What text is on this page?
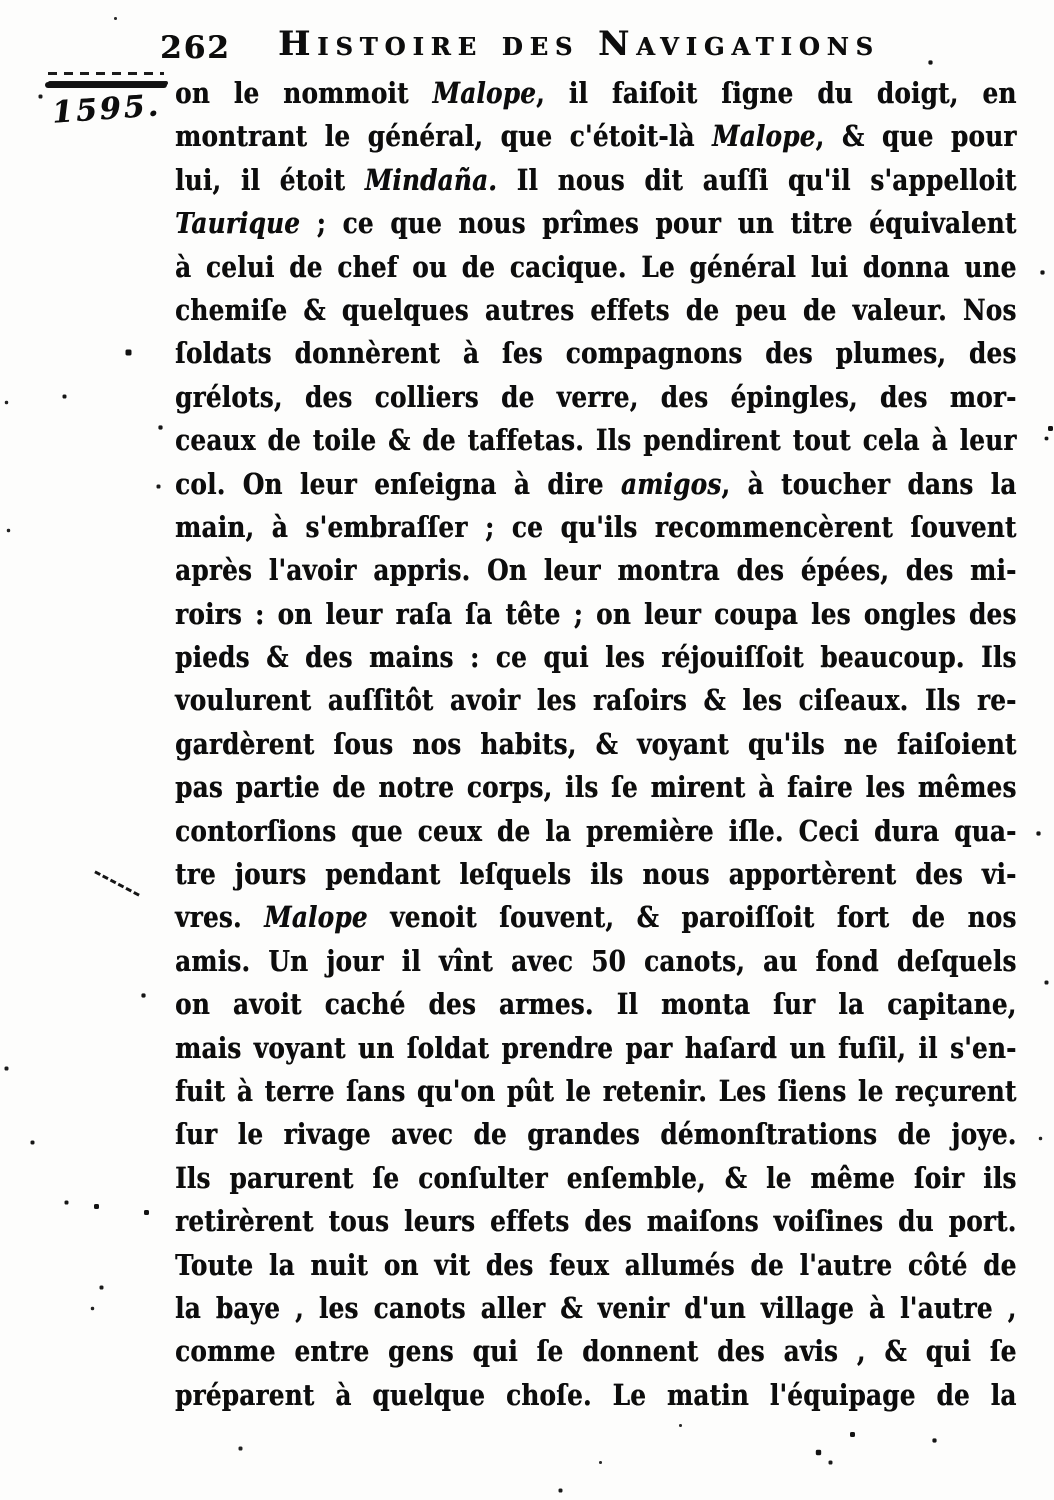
262 Histoire des Navigations
1595. on le nommoit Malope, il faiſoit ſigne du doigt, en
montrant le général, que c'étoit-là Malope, & que pour
lui, il étoit Mindaña. Il nous dit auſſi qu'il s'appelloit
Taurique ; ce que nous prîmes pour un titre équivalent
à celui de chef ou de cacique. Le général lui donna une
chemiſe & quelques autres effets de peu de valeur. Nos
ſoldats donnèrent à ſes compagnons des plumes, des
grélots, des colliers de verre, des épingles, des mor-
ceaux de toile & de taffetas. Ils pendirent tout cela à leur
col. On leur enſeigna à dire amigos, à toucher dans la
main, à s'embraſſer ; ce qu'ils recommencèrent ſouvent
après l'avoir appris. On leur montra des épées, des mi-
roirs : on leur raſa ſa tête ; on leur coupa les ongles des
pieds & des mains : ce qui les réjouiſſoit beaucoup. Ils
voulurent auſſitôt avoir les raſoirs & les ciſeaux. Ils re-
gardèrent ſous nos habits, & voyant qu'ils ne faiſoient
pas partie de notre corps, ils ſe mirent à faire les mêmes
contorſions que ceux de la première iſle. Ceci dura qua-
tre jours pendant leſquels ils nous apportèrent des vi-
vres. Malope venoit ſouvent, & paroiſſoit fort de nos
amis. Un jour il vînt avec 50 canots, au fond deſquels
on avoit caché des armes. Il monta ſur la capitane,
mais voyant un ſoldat prendre par haſard un fuſil, il s'en-
fuit à terre ſans qu'on pût le retenir. Les ſiens le reçurent
ſur le rivage avec de grandes démonſtrations de joye.
Ils parurent ſe conſulter enſemble, & le même ſoir ils
retirèrent tous leurs effets des maiſons voiſines du port.
Toute la nuit on vit des feux allumés de l'autre côté de
la baye , les canots aller & venir d'un village à l'autre ,
comme entre gens qui ſe donnent des avis , & qui ſe
préparent à quelque choſe. Le matin l'équipage de la
